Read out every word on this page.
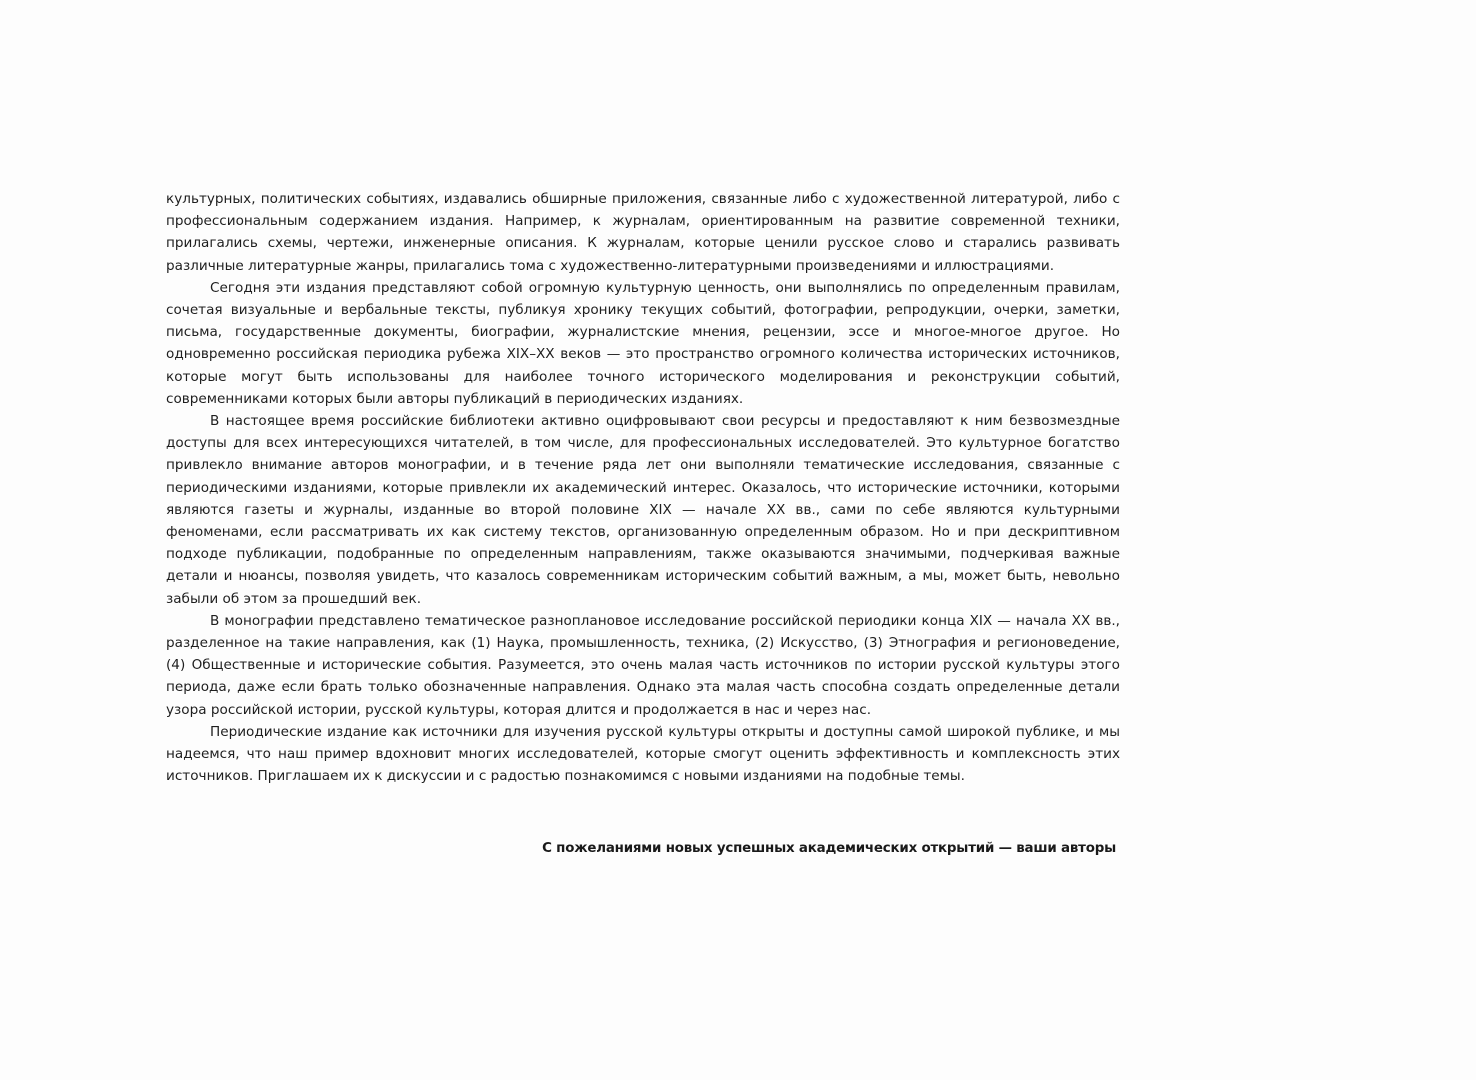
культурных, политических событиях, издавались обширные приложения, связанные либо с художественной литературой, либо с профессиональным содержанием издания. Например, к журналам, ориентированным на развитие современной техники, прилагались схемы, чертежи, инженерные описания. К журналам, которые ценили русское слово и старались развивать различные литературные жанры, прилагались тома с художественно-литературными произведениями и иллюстрациями.

Сегодня эти издания представляют собой огромную культурную ценность, они выполнялись по определенным правилам, сочетая визуальные и вербальные тексты, публикуя хронику текущих событий, фотографии, репродукции, очерки, заметки, письма, государственные документы, биографии, журналистские мнения, рецензии, эссе и многое-многое другое. Но одновременно российская периодика рубежа XIX–XX веков — это пространство огромного количества исторических источников, которые могут быть использованы для наиболее точного исторического моделирования и реконструкции событий, современниками которых были авторы публикаций в периодических изданиях.

В настоящее время российские библиотеки активно оцифровывают свои ресурсы и предоставляют к ним безвозмездные доступы для всех интересующихся читателей, в том числе, для профессиональных исследователей. Это культурное богатство привлекло внимание авторов монографии, и в течение ряда лет они выполняли тематические исследования, связанные с периодическими изданиями, которые привлекли их академический интерес. Оказалось, что исторические источники, которыми являются газеты и журналы, изданные во второй половине XIX — начале XX вв., сами по себе являются культурными феноменами, если рассматривать их как систему текстов, организованную определенным образом. Но и при дескриптивном подходе публикации, подобранные по определенным направлениям, также оказываются значимыми, подчеркивая важные детали и нюансы, позволяя увидеть, что казалось современникам историческим событий важным, а мы, может быть, невольно забыли об этом за прошедший век.

В монографии представлено тематическое разноплановое исследование российской периодики конца XIX — начала XX вв., разделенное на такие направления, как (1) Наука, промышленность, техника, (2) Искусство, (3) Этнография и регионоведение, (4) Общественные и исторические события. Разумеется, это очень малая часть источников по истории русской культуры этого периода, даже если брать только обозначенные направления. Однако эта малая часть способна создать определенные детали узора российской истории, русской культуры, которая длится и продолжается в нас и через нас.

Периодические издание как источники для изучения русской культуры открыты и доступны самой широкой публике, и мы надеемся, что наш пример вдохновит многих исследователей, которые смогут оценить эффективность и комплексность этих источников. Приглашаем их к дискуссии и с радостью познакомимся с новыми изданиями на подобные темы.

С пожеланиями новых успешных академических открытий — ваши авторы
